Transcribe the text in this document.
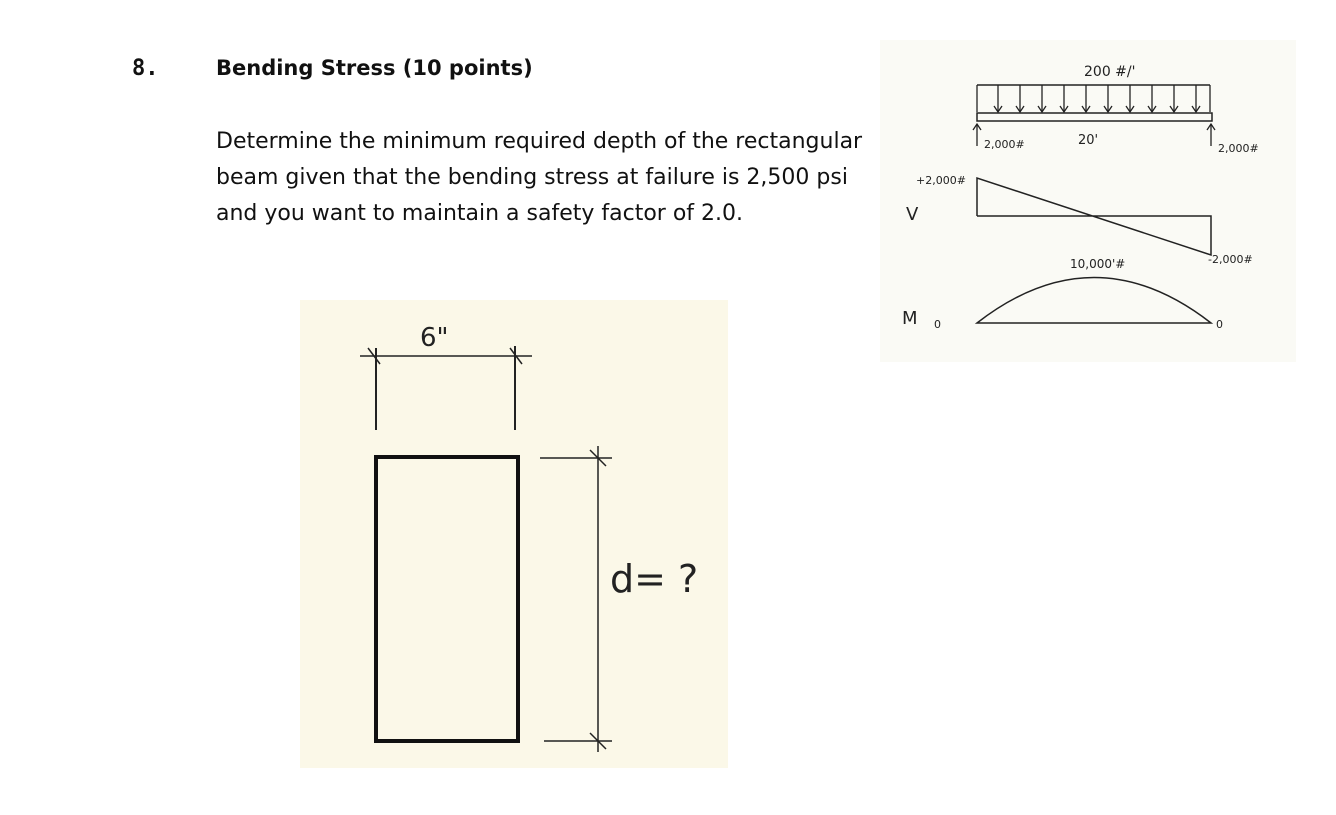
8.	Bending Stress (10 points)
Determine the minimum required depth of the rectangular beam given that the bending stress at failure is 2,500 psi and you want to maintain a safety factor of 2.0.
6"
d= ?
200 #/'
2,000#	20'
2,000#
+2,000#
V
-2,000#
10,000'#
M 0	0
